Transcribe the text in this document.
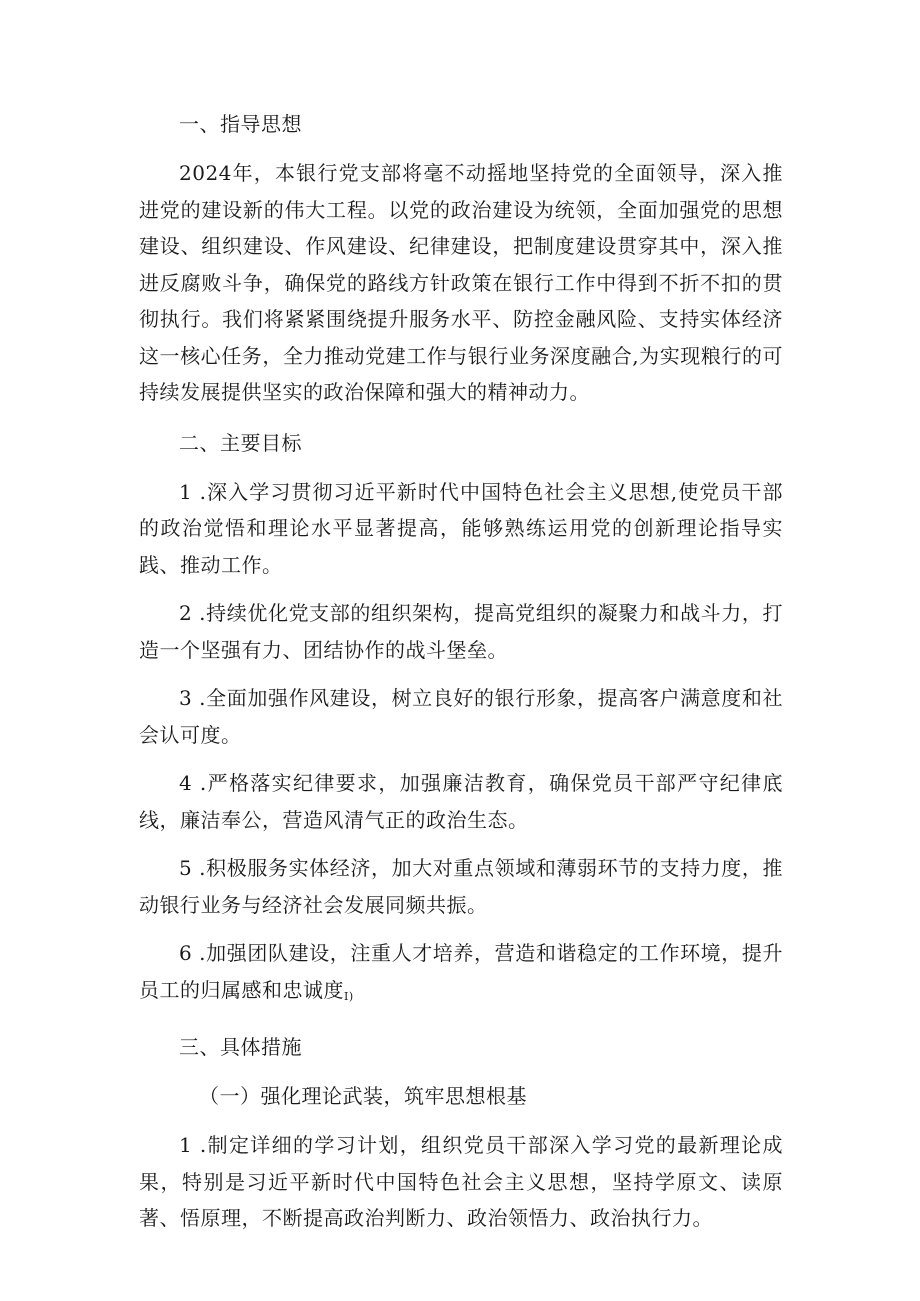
一、指导思想

2024年，本银行党支部将毫不动摇地坚持党的全面领导，深入推进党的建设新的伟大工程。以党的政治建设为统领，全面加强党的思想建设、组织建设、作风建设、纪律建设，把制度建设贯穿其中，深入推进反腐败斗争，确保党的路线方针政策在银行工作中得到不折不扣的贯彻执行。我们将紧紧围绕提升服务水平、防控金融风险、支持实体经济这一核心任务，全力推动党建工作与银行业务深度融合,为实现粮行的可持续发展提供坚实的政治保障和强大的精神动力。

二、主要目标

1 .深入学习贯彻习近平新时代中国特色社会主义思想,使党员干部的政治觉悟和理论水平显著提高，能够熟练运用党的创新理论指导实践、推动工作。

2 .持续优化党支部的组织架构，提高党组织的凝聚力和战斗力，打造一个坚强有力、团结协作的战斗堡垒。

3 .全面加强作风建设，树立良好的银行形象，提高客户满意度和社会认可度。

4 .严格落实纪律要求，加强廉洁教育，确保党员干部严守纪律底线，廉洁奉公，营造风清气正的政治生态。

5 .积极服务实体经济，加大对重点领域和薄弱环节的支持力度，推动银行业务与经济社会发展同频共振。

6 .加强团队建设，注重人才培养，营造和谐稳定的工作环境，提升员工的归属感和忠诚度$_{I)}$

三、具体措施

（一）强化理论武装，筑牢思想根基

1 .制定详细的学习计划，组织党员干部深入学习党的最新理论成果，特别是习近平新时代中国特色社会主义思想，坚持学原文、读原著、悟原理，不断提高政治判断力、政治领悟力、政治执行力。
